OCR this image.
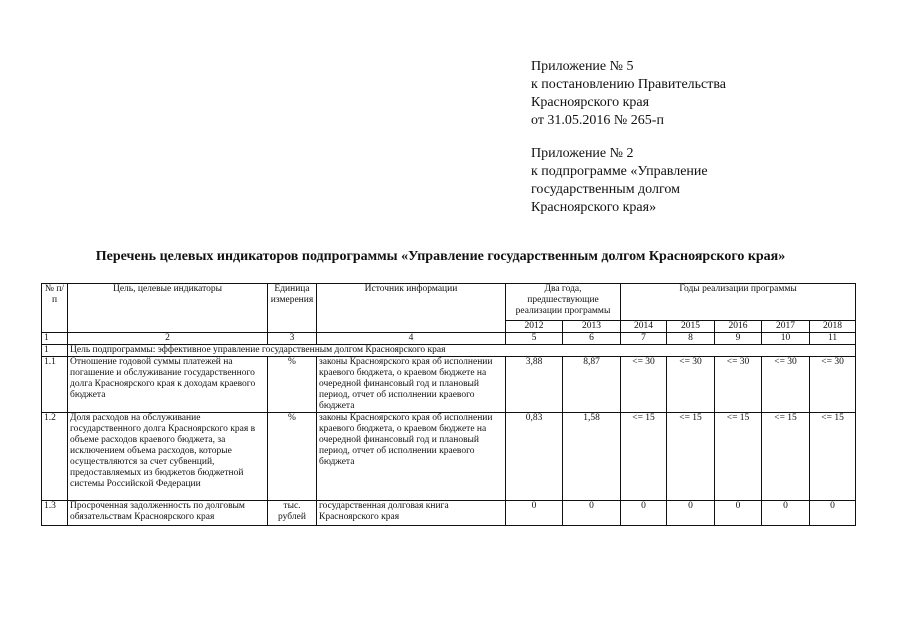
Приложение № 5
к постановлению Правительства
Красноярского края
от 31.05.2016 № 265-п
Приложение № 2
к подпрограмме «Управление
государственным долгом
Красноярского края»
Перечень целевых индикаторов подпрограммы «Управление государственным долгом Красноярского края»
№ п/п	Цель, целевые индикаторы	Единица измерения	Источник информации	Два года, предшествующие реализации программы		Годы реализации программы				
				2012	2013	2014	2015	2016	2017	2018
1	2	3	4	5	6	7	8	9	10	11
1	Цель подпрограммы: эффективное управление государственным долгом Красноярского края									
1.1	Отношение годовой суммы платежей на погашение и обслуживание государственного долга Красноярского края к доходам краевого бюджета	%	законы Красноярского края об исполнении краевого бюджета, о краевом бюджете на очередной финансовый год и плановый период, отчет об исполнении краевого бюджета	3,88	8,87	<= 30	<= 30	<= 30	<= 30	<= 30
1.2	Доля расходов на обслуживание государственного долга Красноярского края в объеме расходов краевого бюджета, за исключением объема расходов, которые осуществляются за счет субвенций, предоставляемых из бюджетов бюджетной системы Российской Федерации	%	законы Красноярского края об исполнении краевого бюджета, о краевом бюджете на очередной финансовый год и плановый период, отчет об исполнении краевого бюджета	0,83	1,58	<= 15	<= 15	<= 15	<= 15	<= 15
1.3	Просроченная задолженность по долговым обязательствам Красноярского края	тыс. рублей	государственная долговая книга Красноярского края	0	0	0	0	0	0	0
